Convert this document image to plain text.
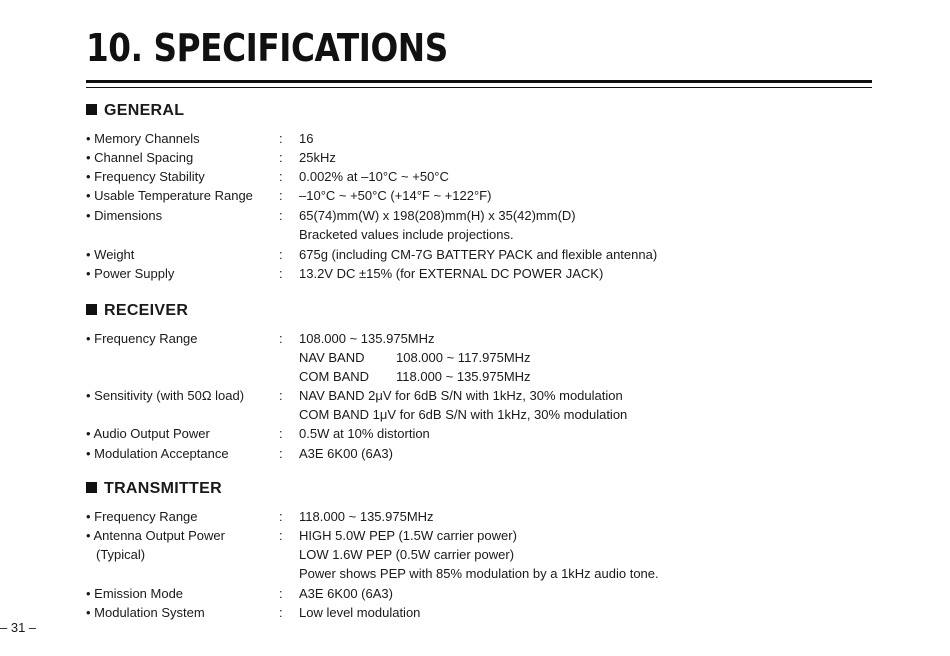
10. SPECIFICATIONS
GENERAL
• Memory Channels	: 16
• Channel Spacing	: 25kHz
• Frequency Stability	: 0.002% at –10°C ~ +50°C
• Usable Temperature Range : –10°C ~ +50°C (+14°F ~ +122°F)
• Dimensions	: 65(74)mm(W) x 198(208)mm(H) x 35(42)mm(D)
Bracketed values include projections.
• Weight	: 675g (including CM-7G BATTERY PACK and flexible antenna)
• Power Supply	: 13.2V DC ±15% (for EXTERNAL DC POWER JACK)
RECEIVER
• Frequency Range	: 108.000 ~ 135.975MHz
NAV BAND 108.000 ~ 117.975MHz
COM BAND 118.000 ~ 135.975MHz
• Sensitivity (with 50Ω load)	: NAV BAND 2μV for 6dB S/N with 1kHz, 30% modulation
COM BAND 1μV for 6dB S/N with 1kHz, 30% modulation
• Audio Output Power	: 0.5W at 10% distortion
• Modulation Acceptance	: A3E 6K00 (6A3)
TRANSMITTER
• Frequency Range	: 118.000 ~ 135.975MHz
• Antenna Output Power	: HIGH 5.0W PEP (1.5W carrier power)
(Typical)	LOW 1.6W PEP (0.5W carrier power)
Power shows PEP with 85% modulation by a 1kHz audio tone.
• Emission Mode	: A3E 6K00 (6A3)
• Modulation System	: Low level modulation
– 31 –
